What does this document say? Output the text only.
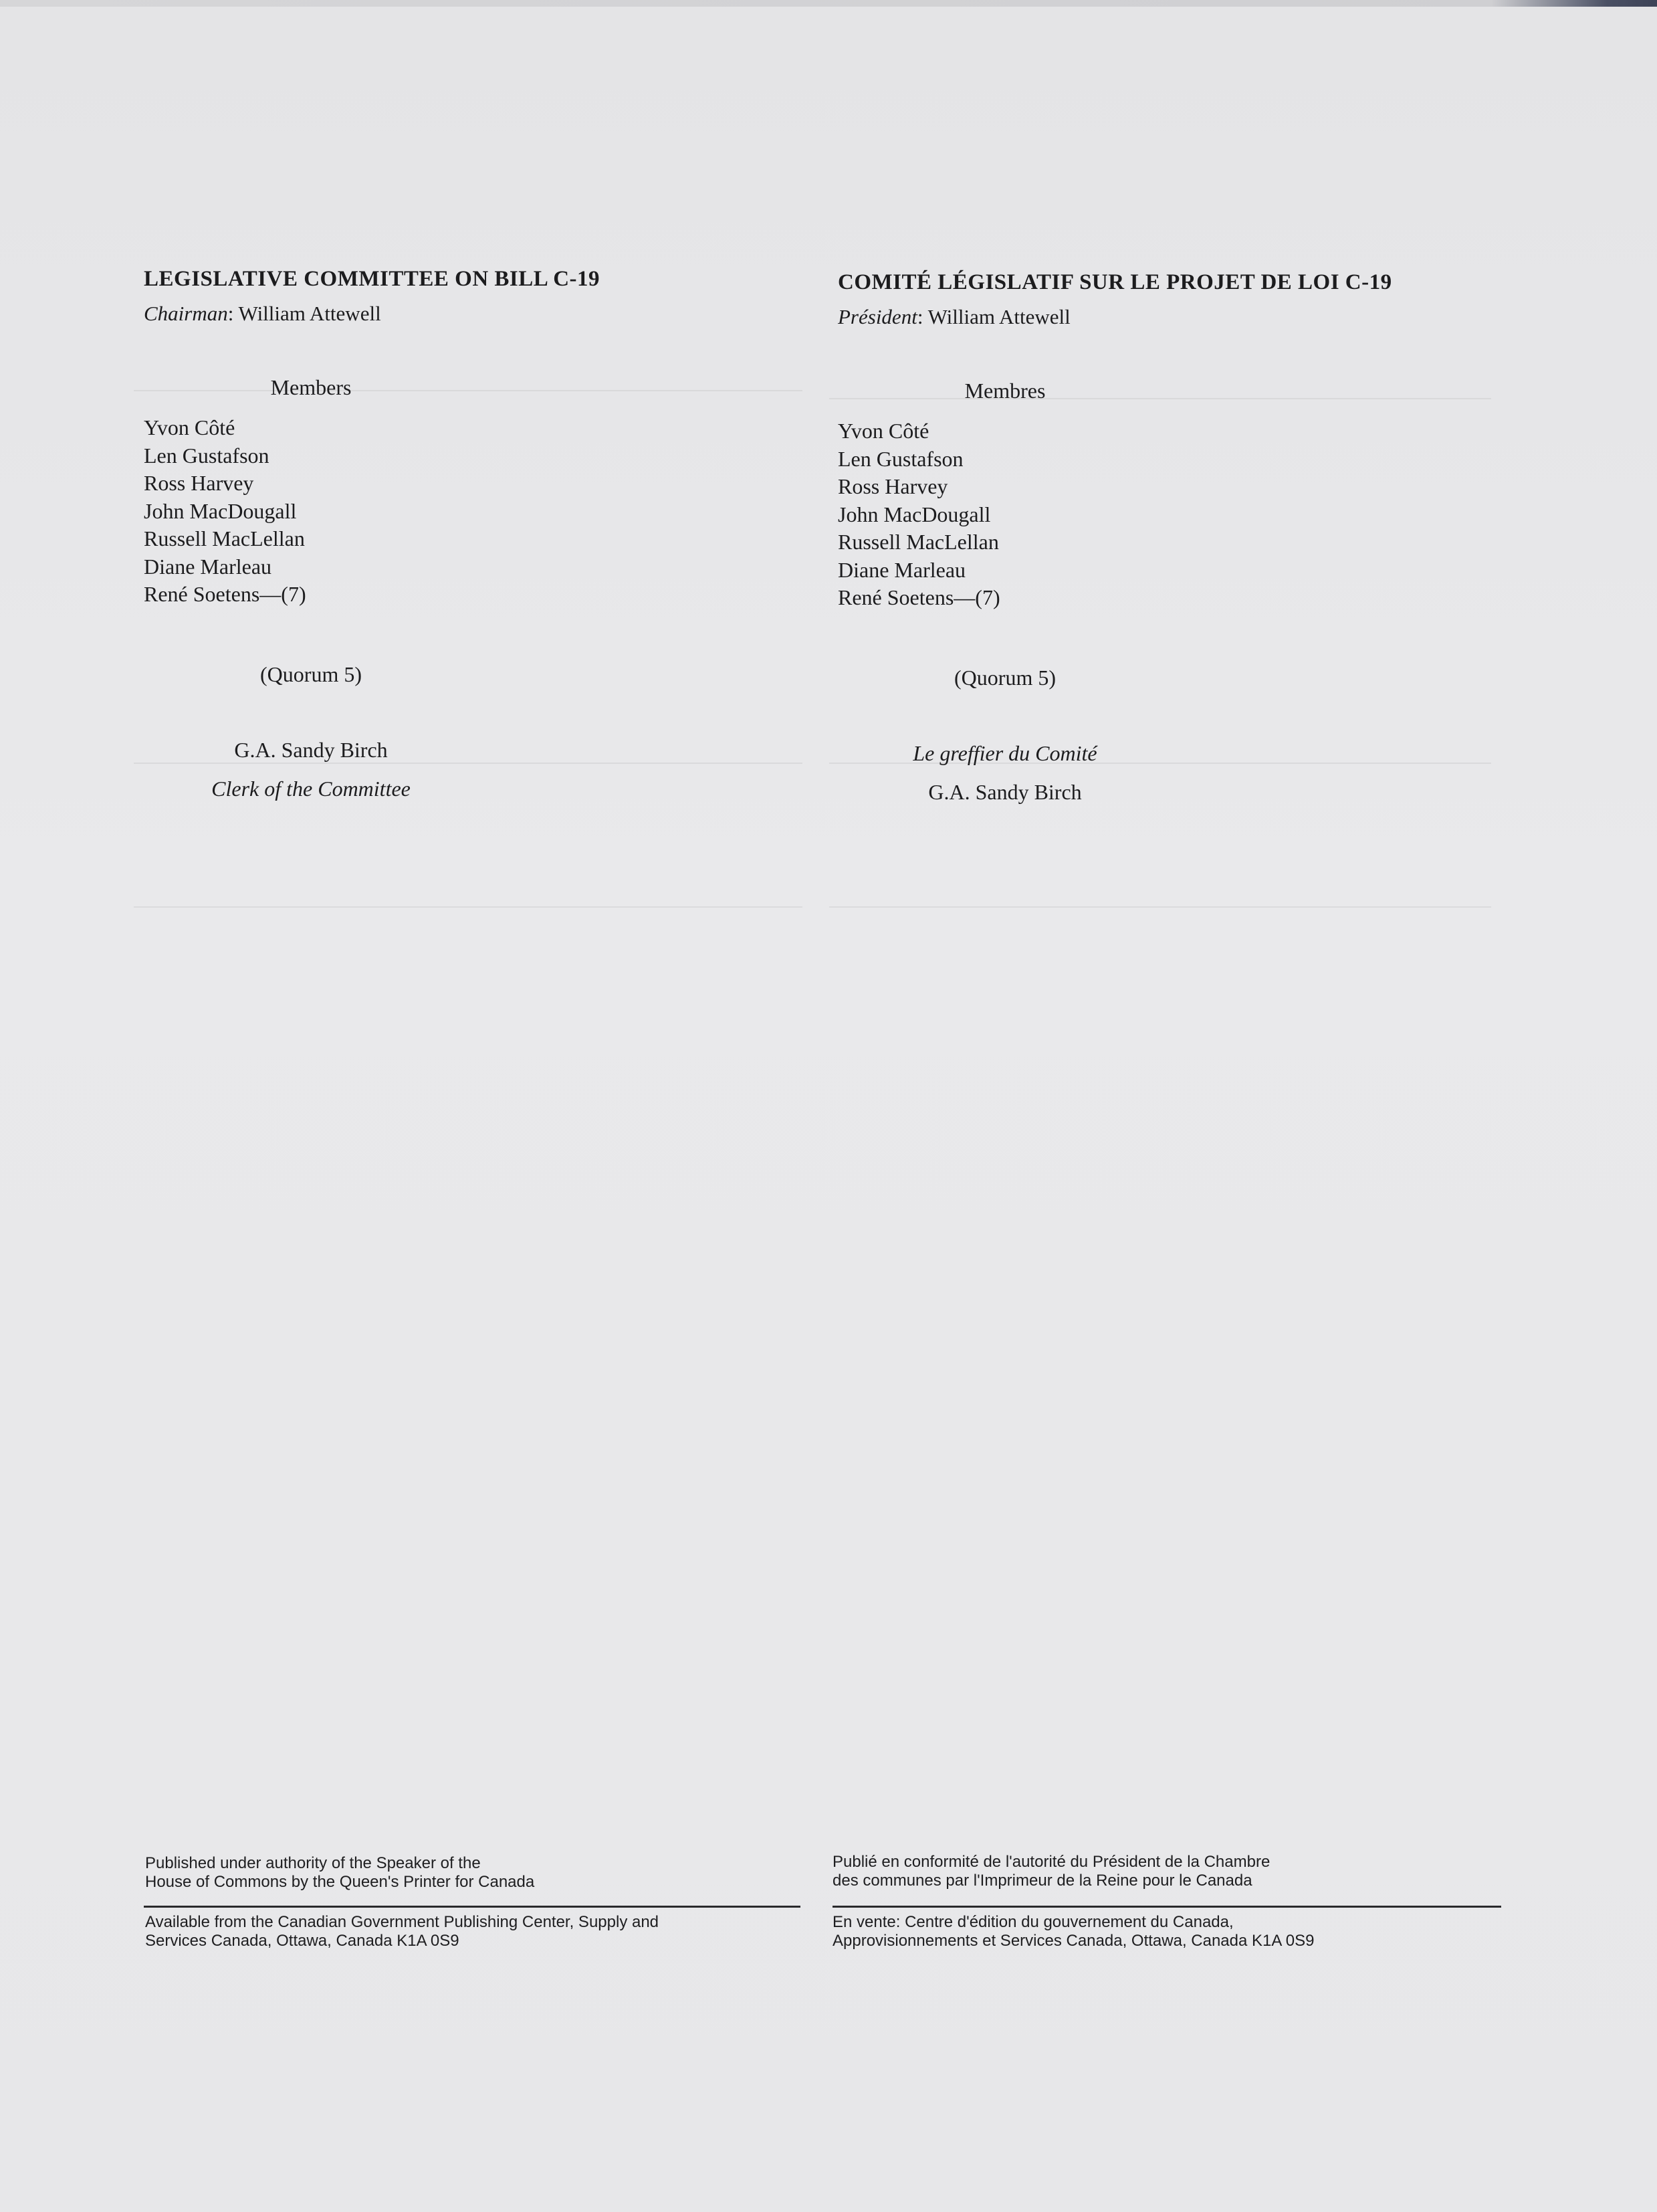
LEGISLATIVE COMMITTEE ON BILL C-19
Chairman: William Attewell
Members
Yvon Côté
Len Gustafson
Ross Harvey
John MacDougall
Russell MacLellan
Diane Marleau
René Soetens—(7)
(Quorum 5)
G.A. Sandy Birch
Clerk of the Committee
COMITÉ LÉGISLATIF SUR LE PROJET DE LOI C-19
Président: William Attewell
Membres
Yvon Côté
Len Gustafson
Ross Harvey
John MacDougall
Russell MacLellan
Diane Marleau
René Soetens—(7)
(Quorum 5)
Le greffier du Comité
G.A. Sandy Birch
Published under authority of the Speaker of the
House of Commons by the Queen's Printer for Canada
Publié en conformité de l'autorité du Président de la Chambre
des communes par l'Imprimeur de la Reine pour le Canada
Available from the Canadian Government Publishing Center, Supply and
Services Canada, Ottawa, Canada K1A 0S9
En vente: Centre d'édition du gouvernement du Canada,
Approvisionnements et Services Canada, Ottawa, Canada K1A 0S9
